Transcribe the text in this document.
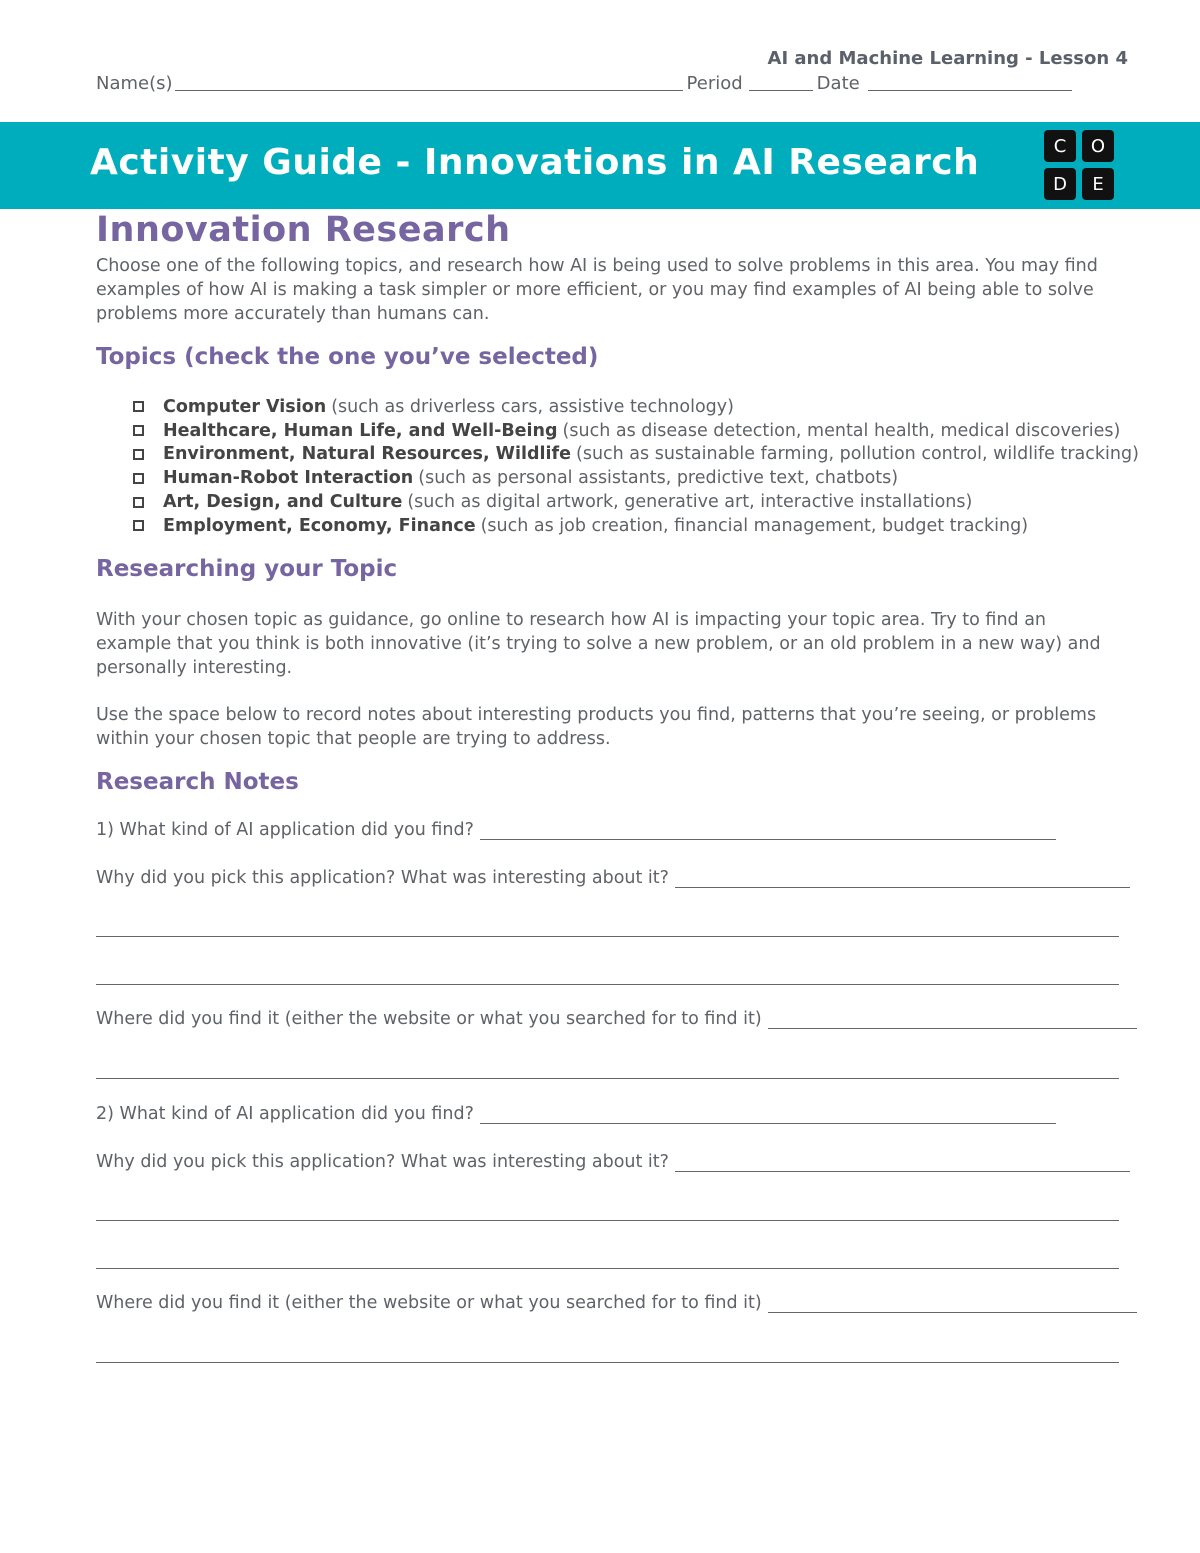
AI and Machine Learning - Lesson 4
Name(s)	Period	Date
Activity Guide - Innovations in AI Research	C	O
D	E
Innovation Research

Choose one of the following topics, and research how AI is being used to solve problems in this area. You may find examples of how AI is making a task simpler or more efficient, or you may find examples of AI being able to solve problems more accurately than humans can.

Topics (check the one you’ve selected)
Computer Vision (such as driverless cars, assistive technology)
Healthcare, Human Life, and Well-Being (such as disease detection, mental health, medical discoveries)
Environment, Natural Resources, Wildlife (such as sustainable farming, pollution control, wildlife tracking)
Human-Robot Interaction (such as personal assistants, predictive text, chatbots)
Art, Design, and Culture (such as digital artwork, generative art, interactive installations)
Employment, Economy, Finance (such as job creation, financial management, budget tracking)
Researching your Topic

With your chosen topic as guidance, go online to research how AI is impacting your topic area. Try to find an example that you think is both innovative (it’s trying to solve a new problem, or an old problem in a new way) and personally interesting.

Use the space below to record notes about interesting products you find, patterns that you’re seeing, or problems within your chosen topic that people are trying to address.

Research Notes
1) What kind of AI application did you find?
Why did you pick this application? What was interesting about it?
Where did you find it (either the website or what you searched for to find it)
2) What kind of AI application did you find?
Why did you pick this application? What was interesting about it?
Where did you find it (either the website or what you searched for to find it)
